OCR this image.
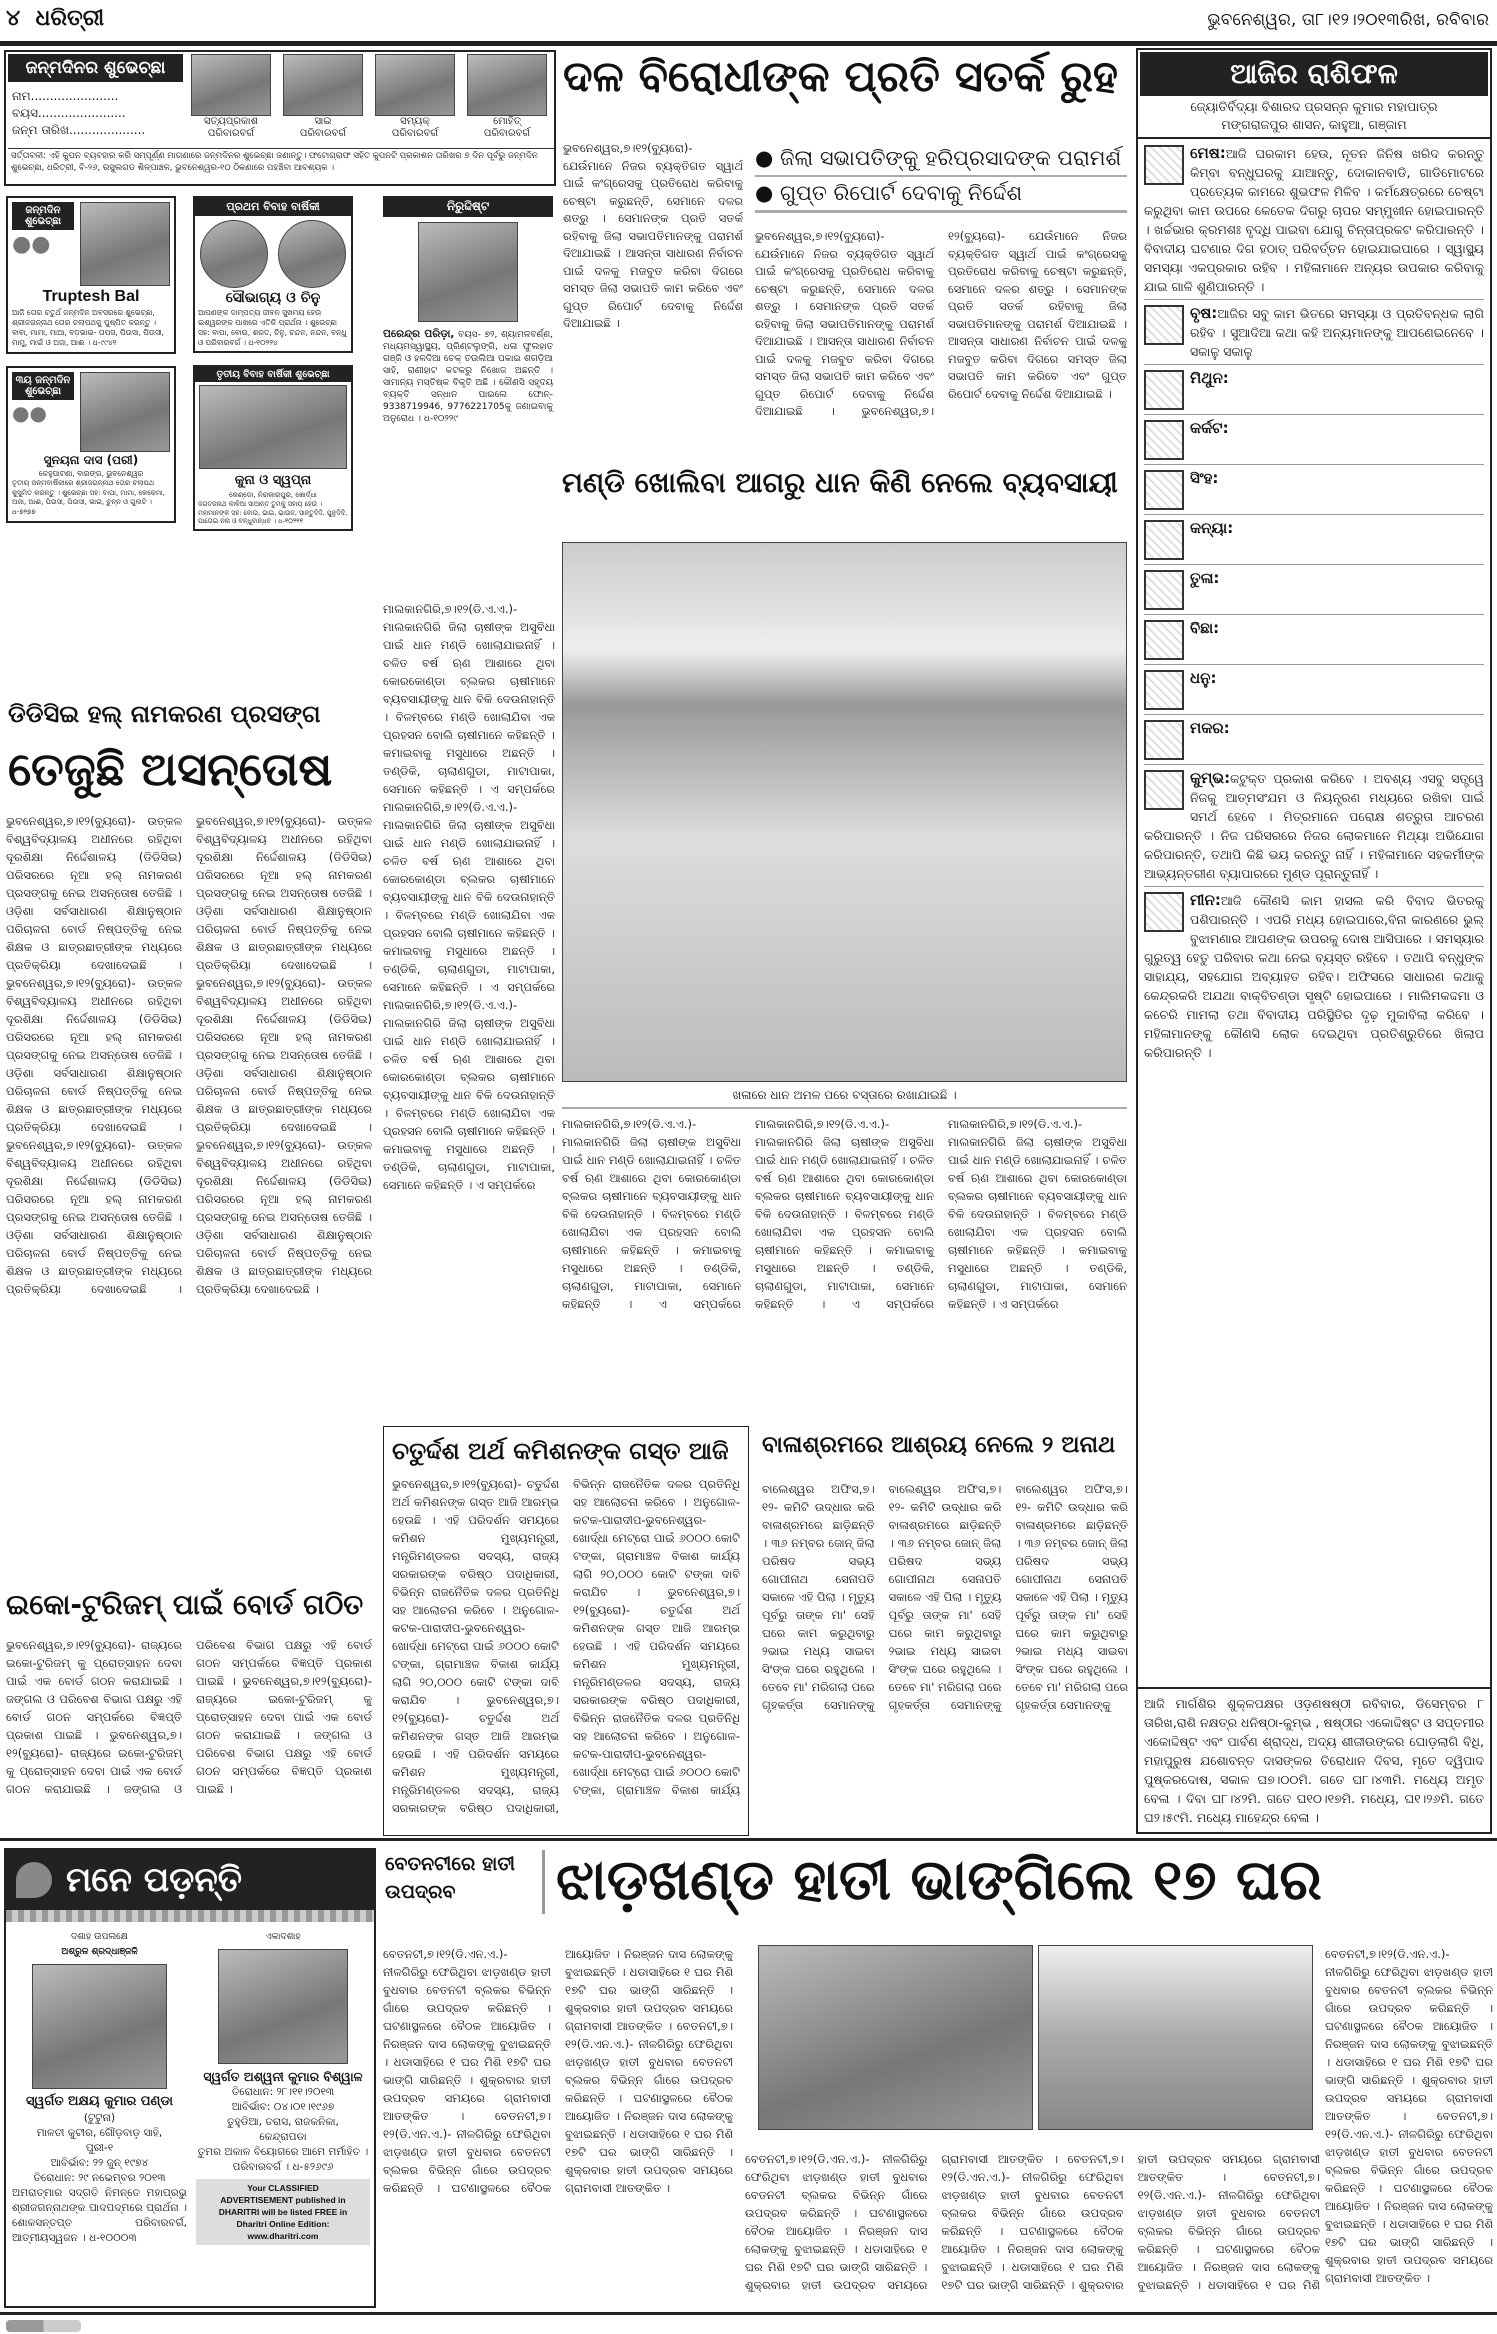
୪ ଧରିତ୍ରୀ	ଭୁବନେଶ୍ୱର, ତା୮।୧୨।୨୦୧୩ରିଖ, ରବିବାର
ଜନ୍ମଦିନର ଶୁଭେଚ୍ଛା
ନାମ.......................
ବୟସ.......................
ଜନ୍ମ ତାରିଖ....................
ସତ୍ୟପ୍ରକାଶ
ପରିବାରବର୍ଗ
ସାଇ
ପରିବାରବର୍ଗ
ସମ୍ୟକ୍
ପରିବାରବର୍ଗ
ମୋହିତ୍
ପରିବାରବର୍ଗ
ସର୍ତ୍ତାବଳୀ: ଏହି କୁପନ ବ୍ୟବହାର କରି ସମ୍ପୂର୍ଣ୍ଣ ମାଗଣାରେ ଜନ୍ମଦିନର ଶୁଭେଚ୍ଛା ଜଣାନ୍ତୁ। ଫଟୋଗ୍ରାଫ ସହିତ କୁପନଟି ପ୍ରକାଶନ ତାରିଖର ୭ ଦିନ ପୂର୍ବରୁ ଜନ୍ମଦିନ ଶୁଭେଚ୍ଛା, ଧରିତ୍ରୀ, ବି-୨୬, ରସୁଲଗଡ ଶିଳ୍ପାଞ୍ଚଳ, ଭୁବନେଶ୍ୱର-୧୦ ଠିକଣାରେ ପହଞ୍ଚିବା ଆବଶ୍ୟକ ।
ଜନ୍ମଦିନ ଶୁଭେଚ୍ଛା
●●
Truptesh Bal
ଆଜି ତୋର ଚତୁର୍ଥ ଜନ୍ମଦିନ ଅବସରରେ ଶୁଭେଚ୍ଛା, ଶ୍ରୀଜଗନ୍ନାଥ ତୋର ଚଲାପଥକୁ ପୁଷ୍ପିତ କରନ୍ତୁ । ବାବା, ମାମା, ମାଆ, ବଡ଼ଭାଇ- ତାପସ, ପିଉସା, ପିଉସୀ, ମାମୁ, ମାଇଁ ଓ ଅଜା, ଆଈ । ଧ-୯୯୪୧
୩ୟ ଜନ୍ମଦିନ ଶୁଭେଚ୍ଛା
●●
ସୁନୟନା ଦାସ (ପରୀ)
କେହୁପାଟଣା, ବାରଙ୍ଗ, ଭୁବନେଶ୍ୱର
ତୃତୀୟ ଜନ୍ମବାର୍ଷିକୀରେ ଶ୍ରୀଜଗନ୍ନାଥ ତୋର ଚଲାପଥ କୁସୁମିତ କରନ୍ତୁ । ଶୁଭେଚ୍ଛା ସହ: ବାପା, ମାମା, କେକେମା, ଅଜା, ଆଈ, ପିଉସା, ପିଉସୀ, ଭାଇ, ଚୁନ୍ନ ଓ ଗୁଲଟି । ଧ-୭୨୭୭
ପ୍ରଥମ ବିବାହ ବାର୍ଷିକୀ
ସୌଭାଗ୍ୟ ଓ ଚିନୁ
ଆପଣଙ୍କ ଦାମ୍ପତ୍ୟ ଜୀବନ ସୁଖମୟ ହେଉ ଇଶ୍ୱରଙ୍କ ପାଖରେ ଏତିକି ପ୍ରାର୍ଥନା । ଶୁଭେଚ୍ଛା ସହ: ବାପା, ବୋଉ, ଶରତ, ଚିନୁ, ଚନ୍ଦନ, ନନ୍ଦନ, ବନ୍ଧୁ ଓ ପରିବାରବର୍ଗ । ଧ-୧୦୨୨୪
ତୃତୀୟ ବିବାହ ବାର୍ଷିକୀ ଶୁଭେଚ୍ଛା
କୁନା ଓ ସ୍ୱପ୍ନା
କେଣ୍ଡୋ, ନିରାକାରପୁର, ଖୋର୍ଦ୍ଧା
ଜଗତଜନାଥ କାଳିଆ ସାଆନ୍ତ ତୁମକୁ ସହାୟ ହେଉ । ମହାମାନଙ୍କ ସହ: ବୋଉ, ଭାଇ, ଭାଉଜ, ସାନ୍ତୁଦିଦି, ପୁନୁଦିଦି, ପାତୋଇ ନନା ଓ ବନ୍ଧୁବାନ୍ଧବ । ଧ-୧୦୨୧୧
ନିରୁଦ୍ଦିଷ୍ଟ
ପରେନ୍ଦ୍ର ପରିଡ଼ା, ବୟସ- ୭୨, ଶ୍ୟାମଳବର୍ଣ୍ଣ, ମଧ୍ୟମସ୍ୱାସ୍ଥ୍ୟ, ପ୍ରିଣ୍ଟଲୁଙ୍ଗି, ଧଳା ଫୁଲହାତ ଗଞ୍ଜି ଓ ହଳଦିଆ ଚେକ୍ ତଉଲିଆ ପକାଇ ଶଗଡ଼ିଆ ସାହି, ରାଣୀହାଟ କଟକରୁ ନିଖୋଜ ଅଛନ୍ତି । ସାମାନ୍ୟ ମସ୍ତିଷ୍କ ବିକୃତି ଅଛି । କୌଣସି ସହୃଦୟ ବ୍ୟକ୍ତି ସନ୍ଧାନ ପାଇଲେ ଫୋନ୍- 9338719946, 9776221705କୁ ଜଣାଇବାକୁ ଅନୁରୋଧ । ଧ-୧୦୨୨୯
ଦଳ ବିରୋଧୀଙ୍କ ପ୍ରତି ସତର୍କ ରୁହ
ଭୁବନେଶ୍ୱର,୭।୧୨(ବ୍ୟୁରୋ)- ଯେଉଁମାନେ ନିଜର ବ୍ୟକ୍ତିଗତ ସ୍ୱାର୍ଥ ପାଇଁ କଂଗ୍ରେସକୁ ପ୍ରତିରୋଧ କରିବାକୁ ଚେଷ୍ଟା କରୁଛନ୍ତି, ସେମାନେ ଦଳର ଶତ୍ରୁ । ସେମାନଙ୍କ ପ୍ରତି ସତର୍କ ରହିବାକୁ ଜିଲା ସଭାପତିମାନଙ୍କୁ ପରାମର୍ଶ ଦିଆଯାଇଛି । ଆସନ୍ତା ସାଧାରଣ ନିର୍ବାଚନ ପାଇଁ ଦଳକୁ ମଜବୁତ କରିବା ଦିଗରେ ସମସ୍ତ ଜିଲା ସଭାପତି କାମ କରିବେ ଏବଂ ଗୁପ୍ତ ରିପୋର୍ଟ ଦେବାକୁ ନିର୍ଦ୍ଦେଶ ଦିଆଯାଇଛି ।
● ଜିଲା ସଭାପତିଙ୍କୁ ହରିପ୍ରସାଦଙ୍କ ପରାମର୍ଶ
● ଗୁପ୍ତ ରିପୋର୍ଟ ଦେବାକୁ ନିର୍ଦ୍ଦେଶ
ଭୁବନେଶ୍ୱର,୭।୧୨(ବ୍ୟୁରୋ)- ଯେଉଁମାନେ ନିଜର ବ୍ୟକ୍ତିଗତ ସ୍ୱାର୍ଥ ପାଇଁ କଂଗ୍ରେସକୁ ପ୍ରତିରୋଧ କରିବାକୁ ଚେଷ୍ଟା କରୁଛନ୍ତି, ସେମାନେ ଦଳର ଶତ୍ରୁ । ସେମାନଙ୍କ ପ୍ରତି ସତର୍କ ରହିବାକୁ ଜିଲା ସଭାପତିମାନଙ୍କୁ ପରାମର୍ଶ ଦିଆଯାଇଛି । ଆସନ୍ତା ସାଧାରଣ ନିର୍ବାଚନ ପାଇଁ ଦଳକୁ ମଜବୁତ କରିବା ଦିଗରେ ସମସ୍ତ ଜିଲା ସଭାପତି କାମ କରିବେ ଏବଂ ଗୁପ୍ତ ରିପୋର୍ଟ ଦେବାକୁ ନିର୍ଦ୍ଦେଶ ଦିଆଯାଇଛି । ଭୁବନେଶ୍ୱର,୭।୧୨(ବ୍ୟୁରୋ)- ଯେଉଁମାନେ ନିଜର ବ୍ୟକ୍ତିଗତ ସ୍ୱାର୍ଥ ପାଇଁ କଂଗ୍ରେସକୁ ପ୍ରତିରୋଧ କରିବାକୁ ଚେଷ୍ଟା କରୁଛନ୍ତି, ସେମାନେ ଦଳର ଶତ୍ରୁ । ସେମାନଙ୍କ ପ୍ରତି ସତର୍କ ରହିବାକୁ ଜିଲା ସଭାପତିମାନଙ୍କୁ ପରାମର୍ଶ ଦିଆଯାଇଛି । ଆସନ୍ତା ସାଧାରଣ ନିର୍ବାଚନ ପାଇଁ ଦଳକୁ ମଜବୁତ କରିବା ଦିଗରେ ସମସ୍ତ ଜିଲା ସଭାପତି କାମ କରିବେ ଏବଂ ଗୁପ୍ତ ରିପୋର୍ଟ ଦେବାକୁ ନିର୍ଦ୍ଦେଶ ଦିଆଯାଇଛି ।
ମଣ୍ଡି ଖୋଲିବା ଆଗରୁ ଧାନ କିଣି ନେଲେ ବ୍ୟବସାୟୀ
ମାଲକାନଗିରି,୭।୧୨(ଡି.ଏ.ଏ.)- ମାଲକାନଗିରି ଜିଲା ଚାଷୀଙ୍କ ଅସୁବିଧା ପାଇଁ ଧାନ ମଣ୍ଡି ଖୋଲାଯାଇନାହିଁ । ଚଳିତ ବର୍ଷ ଋଣ ଆଶାରେ ଥିବା କୋରକୋଣ୍ଡା ବ୍ଲକର ଚାଷୀମାନେ ବ୍ୟବସାୟୀଙ୍କୁ ଧାନ ବିକି ଦେଉନାହାନ୍ତି । ବିଳମ୍ବରେ ମଣ୍ଡି ଖୋଲାଯିବା ଏକ ପ୍ରହସନ ବୋଲି ଚାଷୀମାନେ କହିଛନ୍ତି । କମାଇବାକୁ ମସୁଧାରେ ଅଛନ୍ତି । ତଣ୍ଡିକି, ଚାଲାଣଗୁଡା, ମାଟାପାକା, ସେମାନେ କହିଛନ୍ତି । ଏ ସମ୍ପର୍କରେ ମାଲକାନଗିରି,୭।୧୨(ଡି.ଏ.ଏ.)- ମାଲକାନଗିରି ଜିଲା ଚାଷୀଙ୍କ ଅସୁବିଧା ପାଇଁ ଧାନ ମଣ୍ଡି ଖୋଲାଯାଇନାହିଁ । ଚଳିତ ବର୍ଷ ଋଣ ଆଶାରେ ଥିବା କୋରକୋଣ୍ଡା ବ୍ଲକର ଚାଷୀମାନେ ବ୍ୟବସାୟୀଙ୍କୁ ଧାନ ବିକି ଦେଉନାହାନ୍ତି । ବିଳମ୍ବରେ ମଣ୍ଡି ଖୋଲାଯିବା ଏକ ପ୍ରହସନ ବୋଲି ଚାଷୀମାନେ କହିଛନ୍ତି । କମାଇବାକୁ ମସୁଧାରେ ଅଛନ୍ତି । ତଣ୍ଡିକି, ଚାଲାଣଗୁଡା, ମାଟାପାକା, ସେମାନେ କହିଛନ୍ତି । ଏ ସମ୍ପର୍କରେ ମାଲକାନଗିରି,୭।୧୨(ଡି.ଏ.ଏ.)- ମାଲକାନଗିରି ଜିଲା ଚାଷୀଙ୍କ ଅସୁବିଧା ପାଇଁ ଧାନ ମଣ୍ଡି ଖୋଲାଯାଇନାହିଁ । ଚଳିତ ବର୍ଷ ଋଣ ଆଶାରେ ଥିବା କୋରକୋଣ୍ଡା ବ୍ଲକର ଚାଷୀମାନେ ବ୍ୟବସାୟୀଙ୍କୁ ଧାନ ବିକି ଦେଉନାହାନ୍ତି । ବିଳମ୍ବରେ ମଣ୍ଡି ଖୋଲାଯିବା ଏକ ପ୍ରହସନ ବୋଲି ଚାଷୀମାନେ କହିଛନ୍ତି । କମାଇବାକୁ ମସୁଧାରେ ଅଛନ୍ତି । ତଣ୍ଡିକି, ଚାଲାଣଗୁଡା, ମାଟାପାକା, ସେମାନେ କହିଛନ୍ତି । ଏ ସମ୍ପର୍କରେ
ଖଳାରେ ଧାନ ଅମଳ ପରେ ବସ୍ତାରେ ରଖାଯାଇଛି ।
ମାଲକାନଗିରି,୭।୧୨(ଡି.ଏ.ଏ.)- ମାଲକାନଗିରି ଜିଲା ଚାଷୀଙ୍କ ଅସୁବିଧା ପାଇଁ ଧାନ ମଣ୍ଡି ଖୋଲାଯାଇନାହିଁ । ଚଳିତ ବର୍ଷ ଋଣ ଆଶାରେ ଥିବା କୋରକୋଣ୍ଡା ବ୍ଲକର ଚାଷୀମାନେ ବ୍ୟବସାୟୀଙ୍କୁ ଧାନ ବିକି ଦେଉନାହାନ୍ତି । ବିଳମ୍ବରେ ମଣ୍ଡି ଖୋଲାଯିବା ଏକ ପ୍ରହସନ ବୋଲି ଚାଷୀମାନେ କହିଛନ୍ତି । କମାଇବାକୁ ମସୁଧାରେ ଅଛନ୍ତି । ତଣ୍ଡିକି, ଚାଲାଣଗୁଡା, ମାଟାପାକା, ସେମାନେ କହିଛନ୍ତି । ଏ ସମ୍ପର୍କରେ ମାଲକାନଗିରି,୭।୧୨(ଡି.ଏ.ଏ.)- ମାଲକାନଗିରି ଜିଲା ଚାଷୀଙ୍କ ଅସୁବିଧା ପାଇଁ ଧାନ ମଣ୍ଡି ଖୋଲାଯାଇନାହିଁ । ଚଳିତ ବର୍ଷ ଋଣ ଆଶାରେ ଥିବା କୋରକୋଣ୍ଡା ବ୍ଲକର ଚାଷୀମାନେ ବ୍ୟବସାୟୀଙ୍କୁ ଧାନ ବିକି ଦେଉନାହାନ୍ତି । ବିଳମ୍ବରେ ମଣ୍ଡି ଖୋଲାଯିବା ଏକ ପ୍ରହସନ ବୋଲି ଚାଷୀମାନେ କହିଛନ୍ତି । କମାଇବାକୁ ମସୁଧାରେ ଅଛନ୍ତି । ତଣ୍ଡିକି, ଚାଲାଣଗୁଡା, ମାଟାପାକା, ସେମାନେ କହିଛନ୍ତି । ଏ ସମ୍ପର୍କରେ ମାଲକାନଗିରି,୭।୧୨(ଡି.ଏ.ଏ.)- ମାଲକାନଗିରି ଜିଲା ଚାଷୀଙ୍କ ଅସୁବିଧା ପାଇଁ ଧାନ ମଣ୍ଡି ଖୋଲାଯାଇନାହିଁ । ଚଳିତ ବର୍ଷ ଋଣ ଆଶାରେ ଥିବା କୋରକୋଣ୍ଡା ବ୍ଲକର ଚାଷୀମାନେ ବ୍ୟବସାୟୀଙ୍କୁ ଧାନ ବିକି ଦେଉନାହାନ୍ତି । ବିଳମ୍ବରେ ମଣ୍ଡି ଖୋଲାଯିବା ଏକ ପ୍ରହସନ ବୋଲି ଚାଷୀମାନେ କହିଛନ୍ତି । କମାଇବାକୁ ମସୁଧାରେ ଅଛନ୍ତି । ତଣ୍ଡିକି, ଚାଲାଣଗୁଡା, ମାଟାପାକା, ସେମାନେ କହିଛନ୍ତି । ଏ ସମ୍ପର୍କରେ
ଡିଡିସିଇ ହଲ୍ ନାମକରଣ ପ୍ରସଙ୍ଗ
ତେଜୁଛି ଅସନ୍ତୋଷ
ଭୁବନେଶ୍ୱର,୭।୧୨(ବ୍ୟୁରୋ)- ଉତ୍କଳ ବିଶ୍ୱବିଦ୍ୟାଳୟ ଅଧୀନରେ ରହିଥିବା ଦୂରଶିକ୍ଷା ନିର୍ଦ୍ଦେଶାଳୟ (ଡିଡିସିଇ) ପରିସରରେ ନୂଆ ହଲ୍ ନାମକରଣ ପ୍ରସଙ୍ଗକୁ ନେଇ ଅସନ୍ତୋଷ ତେଜିଛି । ଓଡ଼ିଶା ସର୍ବସାଧାରଣ ଶିକ୍ଷାନୁଷ୍ଠାନ ପରିଚାଳନା ବୋର୍ଡ ନିଷ୍ପତ୍ତିକୁ ନେଇ ଶିକ୍ଷକ ଓ ଛାତ୍ରଛାତ୍ରୀଙ୍କ ମଧ୍ୟରେ ପ୍ରତିକ୍ରିୟା ଦେଖାଦେଇଛି । ଭୁବନେଶ୍ୱର,୭।୧୨(ବ୍ୟୁରୋ)- ଉତ୍କଳ ବିଶ୍ୱବିଦ୍ୟାଳୟ ଅଧୀନରେ ରହିଥିବା ଦୂରଶିକ୍ଷା ନିର୍ଦ୍ଦେଶାଳୟ (ଡିଡିସିଇ) ପରିସରରେ ନୂଆ ହଲ୍ ନାମକରଣ ପ୍ରସଙ୍ଗକୁ ନେଇ ଅସନ୍ତୋଷ ତେଜିଛି । ଓଡ଼ିଶା ସର୍ବସାଧାରଣ ଶିକ୍ଷାନୁଷ୍ଠାନ ପରିଚାଳନା ବୋର୍ଡ ନିଷ୍ପତ୍ତିକୁ ନେଇ ଶିକ୍ଷକ ଓ ଛାତ୍ରଛାତ୍ରୀଙ୍କ ମଧ୍ୟରେ ପ୍ରତିକ୍ରିୟା ଦେଖାଦେଇଛି । ଭୁବନେଶ୍ୱର,୭।୧୨(ବ୍ୟୁରୋ)- ଉତ୍କଳ ବିଶ୍ୱବିଦ୍ୟାଳୟ ଅଧୀନରେ ରହିଥିବା ଦୂରଶିକ୍ଷା ନିର୍ଦ୍ଦେଶାଳୟ (ଡିଡିସିଇ) ପରିସରରେ ନୂଆ ହଲ୍ ନାମକରଣ ପ୍ରସଙ୍ଗକୁ ନେଇ ଅସନ୍ତୋଷ ତେଜିଛି । ଓଡ଼ିଶା ସର୍ବସାଧାରଣ ଶିକ୍ଷାନୁଷ୍ଠାନ ପରିଚାଳନା ବୋର୍ଡ ନିଷ୍ପତ୍ତିକୁ ନେଇ ଶିକ୍ଷକ ଓ ଛାତ୍ରଛାତ୍ରୀଙ୍କ ମଧ୍ୟରେ ପ୍ରତିକ୍ରିୟା ଦେଖାଦେଇଛି । ଭୁବନେଶ୍ୱର,୭।୧୨(ବ୍ୟୁରୋ)- ଉତ୍କଳ ବିଶ୍ୱବିଦ୍ୟାଳୟ ଅଧୀନରେ ରହିଥିବା ଦୂରଶିକ୍ଷା ନିର୍ଦ୍ଦେଶାଳୟ (ଡିଡିସିଇ) ପରିସରରେ ନୂଆ ହଲ୍ ନାମକରଣ ପ୍ରସଙ୍ଗକୁ ନେଇ ଅସନ୍ତୋଷ ତେଜିଛି । ଓଡ଼ିଶା ସର୍ବସାଧାରଣ ଶିକ୍ଷାନୁଷ୍ଠାନ ପରିଚାଳନା ବୋର୍ଡ ନିଷ୍ପତ୍ତିକୁ ନେଇ ଶିକ୍ଷକ ଓ ଛାତ୍ରଛାତ୍ରୀଙ୍କ ମଧ୍ୟରେ ପ୍ରତିକ୍ରିୟା ଦେଖାଦେଇଛି । ଭୁବନେଶ୍ୱର,୭।୧୨(ବ୍ୟୁରୋ)- ଉତ୍କଳ ବିଶ୍ୱବିଦ୍ୟାଳୟ ଅଧୀନରେ ରହିଥିବା ଦୂରଶିକ୍ଷା ନିର୍ଦ୍ଦେଶାଳୟ (ଡିଡିସିଇ) ପରିସରରେ ନୂଆ ହଲ୍ ନାମକରଣ ପ୍ରସଙ୍ଗକୁ ନେଇ ଅସନ୍ତୋଷ ତେଜିଛି । ଓଡ଼ିଶା ସର୍ବସାଧାରଣ ଶିକ୍ଷାନୁଷ୍ଠାନ ପରିଚାଳନା ବୋର୍ଡ ନିଷ୍ପତ୍ତିକୁ ନେଇ ଶିକ୍ଷକ ଓ ଛାତ୍ରଛାତ୍ରୀଙ୍କ ମଧ୍ୟରେ ପ୍ରତିକ୍ରିୟା ଦେଖାଦେଇଛି । ଭୁବନେଶ୍ୱର,୭।୧୨(ବ୍ୟୁରୋ)- ଉତ୍କଳ ବିଶ୍ୱବିଦ୍ୟାଳୟ ଅଧୀନରେ ରହିଥିବା ଦୂରଶିକ୍ଷା ନିର୍ଦ୍ଦେଶାଳୟ (ଡିଡିସିଇ) ପରିସରରେ ନୂଆ ହଲ୍ ନାମକରଣ ପ୍ରସଙ୍ଗକୁ ନେଇ ଅସନ୍ତୋଷ ତେଜିଛି । ଓଡ଼ିଶା ସର୍ବସାଧାରଣ ଶିକ୍ଷାନୁଷ୍ଠାନ ପରିଚାଳନା ବୋର୍ଡ ନିଷ୍ପତ୍ତିକୁ ନେଇ ଶିକ୍ଷକ ଓ ଛାତ୍ରଛାତ୍ରୀଙ୍କ ମଧ୍ୟରେ ପ୍ରତିକ୍ରିୟା ଦେଖାଦେଇଛି ।
ଇକୋ-ଟୁରିଜମ୍ ପାଇଁ ବୋର୍ଡ ଗଠିତ
ଭୁବନେଶ୍ୱର,୭।୧୨(ବ୍ୟୁରୋ)- ରାଜ୍ୟରେ ଇକୋ-ଟୁରିଜମ୍ କୁ ପ୍ରୋତ୍ସାହନ ଦେବା ପାଇଁ ଏକ ବୋର୍ଡ ଗଠନ କରାଯାଇଛି । ଜଙ୍ଗଲ ଓ ପରିବେଶ ବିଭାଗ ପକ୍ଷରୁ ଏହି ବୋର୍ଡ ଗଠନ ସମ୍ପର୍କରେ ବିଜ୍ଞପ୍ତି ପ୍ରକାଶ ପାଇଛି । ଭୁବନେଶ୍ୱର,୭।୧୨(ବ୍ୟୁରୋ)- ରାଜ୍ୟରେ ଇକୋ-ଟୁରିଜମ୍ କୁ ପ୍ରୋତ୍ସାହନ ଦେବା ପାଇଁ ଏକ ବୋର୍ଡ ଗଠନ କରାଯାଇଛି । ଜଙ୍ଗଲ ଓ ପରିବେଶ ବିଭାଗ ପକ୍ଷରୁ ଏହି ବୋର୍ଡ ଗଠନ ସମ୍ପର୍କରେ ବିଜ୍ଞପ୍ତି ପ୍ରକାଶ ପାଇଛି । ଭୁବନେଶ୍ୱର,୭।୧୨(ବ୍ୟୁରୋ)- ରାଜ୍ୟରେ ଇକୋ-ଟୁରିଜମ୍ କୁ ପ୍ରୋତ୍ସାହନ ଦେବା ପାଇଁ ଏକ ବୋର୍ଡ ଗଠନ କରାଯାଇଛି । ଜଙ୍ଗଲ ଓ ପରିବେଶ ବିଭାଗ ପକ୍ଷରୁ ଏହି ବୋର୍ଡ ଗଠନ ସମ୍ପର୍କରେ ବିଜ୍ଞପ୍ତି ପ୍ରକାଶ ପାଇଛି ।
ଚତୁର୍ଦ୍ଦଶ ଅର୍ଥ କମିଶନଙ୍କ ଗସ୍ତ ଆଜି
ଭୁବନେଶ୍ୱର,୭।୧୨(ବ୍ୟୁରୋ)- ଚତୁର୍ଦ୍ଦଶ ଅର୍ଥ କମିଶନଙ୍କ ଗସ୍ତ ଆଜି ଆରମ୍ଭ ହେଉଛି । ଏହି ପରିଦର୍ଶନ ସମୟରେ କମିଶନ ମୁଖ୍ୟମନ୍ତ୍ରୀ, ମନ୍ତ୍ରିମଣ୍ଡଳର ସଦସ୍ୟ, ରାଜ୍ୟ ସରକାରଙ୍କ ବରିଷ୍ଠ ପଦାଧିକାରୀ, ବିଭିନ୍ନ ରାଜନୈତିକ ଦଳର ପ୍ରତିନିଧି ସହ ଆଲୋଚନା କରିବେ । ଅନୁଗୋଳ-କଟକ-ପାରାଦୀପ-ଭୁବନେଶ୍ୱର-ଖୋର୍ଦ୍ଧା ମେଟ୍ରୋ ପାଇଁ ୬୦୦୦ କୋଟି ଟଙ୍କା, ଗ୍ରାମାଞ୍ଚଳ ବିକାଶ କାର୍ଯ୍ୟ ଲାଗି ୨୦,୦୦୦ କୋଟି ଟଙ୍କା ଦାବି କରାଯିବ । ଭୁବନେଶ୍ୱର,୭।୧୨(ବ୍ୟୁରୋ)- ଚତୁର୍ଦ୍ଦଶ ଅର୍ଥ କମିଶନଙ୍କ ଗସ୍ତ ଆଜି ଆରମ୍ଭ ହେଉଛି । ଏହି ପରିଦର୍ଶନ ସମୟରେ କମିଶନ ମୁଖ୍ୟମନ୍ତ୍ରୀ, ମନ୍ତ୍ରିମଣ୍ଡଳର ସଦସ୍ୟ, ରାଜ୍ୟ ସରକାରଙ୍କ ବରିଷ୍ଠ ପଦାଧିକାରୀ, ବିଭିନ୍ନ ରାଜନୈତିକ ଦଳର ପ୍ରତିନିଧି ସହ ଆଲୋଚନା କରିବେ । ଅନୁଗୋଳ-କଟକ-ପାରାଦୀପ-ଭୁବନେଶ୍ୱର-ଖୋର୍ଦ୍ଧା ମେଟ୍ରୋ ପାଇଁ ୬୦୦୦ କୋଟି ଟଙ୍କା, ଗ୍ରାମାଞ୍ଚଳ ବିକାଶ କାର୍ଯ୍ୟ ଲାଗି ୨୦,୦୦୦ କୋଟି ଟଙ୍କା ଦାବି କରାଯିବ । ଭୁବନେଶ୍ୱର,୭।୧୨(ବ୍ୟୁରୋ)- ଚତୁର୍ଦ୍ଦଶ ଅର୍ଥ କମିଶନଙ୍କ ଗସ୍ତ ଆଜି ଆରମ୍ଭ ହେଉଛି । ଏହି ପରିଦର୍ଶନ ସମୟରେ କମିଶନ ମୁଖ୍ୟମନ୍ତ୍ରୀ, ମନ୍ତ୍ରିମଣ୍ଡଳର ସଦସ୍ୟ, ରାଜ୍ୟ ସରକାରଙ୍କ ବରିଷ୍ଠ ପଦାଧିକାରୀ, ବିଭିନ୍ନ ରାଜନୈତିକ ଦଳର ପ୍ରତିନିଧି ସହ ଆଲୋଚନା କରିବେ । ଅନୁଗୋଳ-କଟକ-ପାରାଦୀପ-ଭୁବନେଶ୍ୱର-ଖୋର୍ଦ୍ଧା ମେଟ୍ରୋ ପାଇଁ ୬୦୦୦ କୋଟି ଟଙ୍କା, ଗ୍ରାମାଞ୍ଚଳ ବିକାଶ କାର୍ଯ୍ୟ
ବାଳାଶ୍ରମରେ ଆଶ୍ରୟ ନେଲେ ୨ ଅନାଥ
ବାଲେଶ୍ୱର ଅଫିସ,୭।୧୨- କମିଟି ଉଦ୍ଧାର କରି ବାଳାଶ୍ରମରେ ଛାଡ଼ିଛନ୍ତି । ୩୬ ନମ୍ବର ଜୋନ୍ ଜିଲା ପରିଷଦ ସଭ୍ୟ ଗୋପୀନାଥ ସେନାପତି ସକାଳେ ଏହି ପିଲା । ମୃତ୍ୟୁ ପୂର୍ବରୁ ତାଙ୍କ ମା' ସେହି ଘରେ କାମ କରୁଥିବାରୁ ୨ଭାଇ ମଧ୍ୟ ସାଇବା ସିଂଙ୍କ ଘରେ ରହୁଥିଲେ । ତେବେ ମା' ମରିଗଲା ପରେ ଗୃହକର୍ତ୍ତା ସେମାନଙ୍କୁ ବାଲେଶ୍ୱର ଅଫିସ,୭।୧୨- କମିଟି ଉଦ୍ଧାର କରି ବାଳାଶ୍ରମରେ ଛାଡ଼ିଛନ୍ତି । ୩୬ ନମ୍ବର ଜୋନ୍ ଜିଲା ପରିଷଦ ସଭ୍ୟ ଗୋପୀନାଥ ସେନାପତି ସକାଳେ ଏହି ପିଲା । ମୃତ୍ୟୁ ପୂର୍ବରୁ ତାଙ୍କ ମା' ସେହି ଘରେ କାମ କରୁଥିବାରୁ ୨ଭାଇ ମଧ୍ୟ ସାଇବା ସିଂଙ୍କ ଘରେ ରହୁଥିଲେ । ତେବେ ମା' ମରିଗଲା ପରେ ଗୃହକର୍ତ୍ତା ସେମାନଙ୍କୁ ବାଲେଶ୍ୱର ଅଫିସ,୭।୧୨- କମିଟି ଉଦ୍ଧାର କରି ବାଳାଶ୍ରମରେ ଛାଡ଼ିଛନ୍ତି । ୩୬ ନମ୍ବର ଜୋନ୍ ଜିଲା ପରିଷଦ ସଭ୍ୟ ଗୋପୀନାଥ ସେନାପତି ସକାଳେ ଏହି ପିଲା । ମୃତ୍ୟୁ ପୂର୍ବରୁ ତାଙ୍କ ମା' ସେହି ଘରେ କାମ କରୁଥିବାରୁ ୨ଭାଇ ମଧ୍ୟ ସାଇବା ସିଂଙ୍କ ଘରେ ରହୁଥିଲେ । ତେବେ ମା' ମରିଗଲା ପରେ ଗୃହକର୍ତ୍ତା ସେମାନଙ୍କୁ
ଆଜିର ରାଶିଫଳ
ଜ୍ୟୋତିର୍ବିଦ୍ୟା ବିଶାରଦ ପ୍ରସନ୍ନ କୁମାର ମହାପାତ୍ର
ମଙ୍ଗରାଜପୁର ଶାସନ, କାହୁଆ, ଗଞ୍ଜାମ
ମେଷ:ଆଜି ଘରକାମ ହେଉ, ନୂତନ ଜିନିଷ ଖରିଦ କରନ୍ତୁ କିମ୍ବା ବନ୍ଧୁଘରକୁ ଯାଆନ୍ତୁ, ଦୋକାନବାଡି, ଗାଡିମୋଟରେ ପ୍ରତ୍ୟେକ କାମରେ ଶୁଭଫଳ ମିଳିବ । କର୍ମକ୍ଷେତ୍ରରେ ଚେଷ୍ଟା କରୁଥିବା କାମ ଉପରେ କେତେକ ଦିଗରୁ ଚାପର ସମ୍ମୁଖୀନ ହୋଇପାରନ୍ତି । ଖର୍ଚ୍ଚଭାର କ୍ରମଶଃ ବୃଦ୍ଧି ପାଇବା ଯୋଗୁ ଚିନ୍ତାପ୍ରକଟ କରିପାରନ୍ତି । ବିବାଦୀୟ ଘଟଣାର ଦିଗ ହଠାତ୍ ପରିବର୍ତ୍ତନ ହୋଇଯାଇପାରେ । ସ୍ୱାସ୍ଥ୍ୟ ସମସ୍ୟା ଏକପ୍ରକାର ରହିବ । ମହିଳାମାନେ ଅନ୍ୟର ଉପକାର କରିବାକୁ ଯାଇ ଗାଳି ଶୁଣିପାରନ୍ତି ।
ବୃଷ:ଆଜିର ସବୁ କାମ ଭିତରେ ସମସ୍ୟା ଓ ପ୍ରତିବନ୍ଧକ ଲାଗି ରହିବ । ସୁଆଦିଆ କଥା କହି ଅନ୍ୟମାନଙ୍କୁ ଆପଣେଇନେବେ । ସକାଳୁ ସକାଳୁ
ମିଥୁନ:
କର୍କଟ:
ସିଂହ:
କନ୍ୟା:
ତୁଳା:
ବିଛା:
ଧନୁ:
ମକର:
କୁମ୍ଭ:କଟୁକ୍ତ ପ୍ରକାଶ କରିବେ । ଅବଶ୍ୟ ଏସବୁ ସତ୍ତ୍ୱେ ନିଜକୁ ଆତ୍ମସଂଯମ ଓ ନିୟନ୍ତ୍ରଣ ମଧ୍ୟରେ ରଖିବା ପାଇଁ ସମର୍ଥ ହେବେ । ମିତ୍ରମାନେ ପରୋକ୍ଷ ଶତ୍ରୁତା ଆଚରଣ କରିପାରନ୍ତି । ନିଜ ପରିସରରେ ନିଜର ଲୋକମାନେ ମିଥ୍ୟା ଅଭିଯୋଗ କରିପାରନ୍ତି, ତଥାପି କିଛି ଭୟ କରନ୍ତୁ ନାହିଁ । ମହିଳାମାନେ ସହକର୍ମୀଙ୍କ ଆଭ୍ୟନ୍ତରୀଣ ବ୍ୟାପାରରେ ମୁଣ୍ଡ ପୂରାନ୍ତୁନାହିଁ ।
ମୀନ:ଆଜି କୌଣସି କାମ ହାସଲ କରି ବିବାଦ ଭିତରକୁ ପଶିପାରନ୍ତି । ଏପରି ମଧ୍ୟ ହୋଇପାରେ,ବିନା କାରଣରେ ଭୁଲ୍ ବୁଝାମଣାର ଆପଣଙ୍କ ଉପରକୁ ଦୋଷ ଆସିପାରେ । ସମସ୍ୟାର ଗୁରୁତ୍ୱ ହେତୁ ପରିବାର କଥା ନେଇ ବ୍ୟସ୍ତ ରହିବେ । ତଥାପି ବନ୍ଧୁଙ୍କ ସାହାଯ୍ୟ, ସହଯୋଗ ଅବ୍ୟାହତ ରହିବ। ଅଫିସରେ ସାଧାରଣ କଥାକୁ କେନ୍ଦ୍ରକରି ଅଯଥା ବାକ୍‌ବିତଣ୍ଡା ସୃଷ୍ଟି ହୋଇପାରେ । ମାଲିମକଦ୍ଦମା ଓ କଚେରି ମାମଲା ତଥା ବିବାଦୀୟ ପରିସ୍ଥିତିର ଦୃଢ଼ ମୁକାବିଲା କରିବେ । ମହିଳାମାନଙ୍କୁ କୌଣସି ଲୋକ ଦେଇଥିବା ପ୍ରତିଶ୍ରୁତିରେ ଖିଲାପ କରିପାରନ୍ତି ।
ଆଜି ମାର୍ଗଶିର ଶୁକ୍ଳପକ୍ଷର ଓଡ଼ଣଷଷ୍ଠୀ ରବିବାର, ଡିସେମ୍ବର ୮ ତାରିଖ,ରାଶି ନକ୍ଷତ୍ର ଧନିଷ୍ଠା-କୁମ୍ଭ , ଷଷ୍ଠୀର ଏକୋଦ୍ଦିଷ୍ଟ ଓ ସପ୍ତମୀର ଏକୋଦ୍ଦିଷ୍ଟ ଏବଂ ପାର୍ବଣ ଶ୍ରାଦ୍ଧ, ଅଦ୍ୟ ଶୀଜୀଉଙ୍କର ଘୋଡ଼ଲାଗି ବିଧି, ମହାପୁରୁଷ ଯଶୋବନ୍ତ ଦାସଙ୍କର ତିରୋଧାନ ଦିବସ, ମୃତେ ଦ୍ୱିପାଦ ପୁଷ୍କରଦୋଷ, ସକାଳ ଘ୭।୦୦ମି. ଗତେ ଘ୮।୪୩ମି. ମଧ୍ୟେ ଅମୃତ ବେଳା । ଦିବା ଘ୮।୪୨ମି. ଗତେ ଘ୧୦।୧୭ମି. ମଧ୍ୟେ, ଘ୧।୨୬ମି. ଗତେ ଘ୨।୫୯ମି. ମଧ୍ୟେ ମାହେନ୍ଦ୍ର ବେଳା ।
ମନେ ପଡ଼ନ୍ତି
ଦଶାହ ଉପଲକ୍ଷେ
ଅଶ୍ରୁଳ ଶ୍ରଦ୍ଧାଞ୍ଜଳି
ସ୍ୱର୍ଗତ ଅକ୍ଷୟ କୁମାର ପଣ୍ଡା
(ଟୁଟୁନା)
ମାଳତୀ କୁଟୀର, ଗୌଡ଼ବାଡ଼ ସାହି,
ପୁରୀ-୧
ଆବିର୍ଭାବ: ୨୨ ଜୁନ୍ ୧୯୭୪
ତିରୋଧାନ: ୨୯ ନଭେମ୍ବର ୨୦୧୩
ଅମରାତ୍ମାର ସଦ୍‌ଗତି ନିମନ୍ତେ ମହାପ୍ରଭୁ ଶ୍ରୀଜଗନ୍ନାଥଙ୍କ ପାଦପଦ୍ମରେ ପ୍ରାର୍ଥନା । ଶୋକସନ୍ତପ୍ତ ପରିବାରବର୍ଗ, ଆତ୍ମୀୟସ୍ୱଜନ । ଧ-୧୦୦୦୩
ଏକାଦଶାହ
ସ୍ୱର୍ଗତ ଅଶ୍ୱନୀ କୁମାର ବିଶ୍ୱାଳ
ତିରୋଧାନ: ୨୮।୧୧।୨୦୧୩
ଆବିର୍ଭାବ: ୦୪।୦୧।୧୯୬୭
ତୁହୁଡିଆ, ତରାସ, ରାଜକନିକା,
କେନ୍ଦ୍ରାପଡା
ତୁମର ଅକାଳ ବିୟୋଗରେ ଆମେ ମର୍ମାହିତ । ପରିବାରବର୍ଗ । ଧ-୫୨୬୯୬
Your CLASSIFIED
ADVERTISEMENT published in
DHARITRI will be listed FREE in
Dharitri Online Edition:
www.dharitri.com
ବେତନଟୀରେ ହାତୀ ଉପଦ୍ରବ	ଝାଡ଼ଖଣ୍ଡ ହାତୀ ଭାଙ୍ଗିଲେ ୧୭ ଘର
ବେତନଟୀ,୭।୧୨(ଡି.ଏନ.ଏ.)- ନୀଳଗିରିରୁ ଫେରିଥିବା ଝାଡ଼ଖଣ୍ଡ ହାତୀ ବୁଧବାର ବେତନଟୀ ବ୍ଲକର ବିଭିନ୍ନ ଗାଁରେ ଉପଦ୍ରବ କରିଛନ୍ତି । ଘଟଣାସ୍ଥଳରେ ବୈଠକ ଆୟୋଜିତ । ନିରଞ୍ଜନ ଦାସ ଲୋକଙ୍କୁ ବୁଝାଇଛନ୍ତି । ଧଡାସାହିରେ ୧ ଘର ମିଶି ୧୭ଟି ଘର ଭାଙ୍ଗି ସାରିଛନ୍ତି । ଶୁକ୍ରବାର ହାତୀ ଉପଦ୍ରବ ସମୟରେ ଗ୍ରାମବାସୀ ଆତଙ୍କିତ ।	ବେତନଟୀ,୭।୧୨(ଡି.ଏନ.ଏ.)- ନୀଳଗିରିରୁ ଫେରିଥିବା ଝାଡ଼ଖଣ୍ଡ ହାତୀ ବୁଧବାର ବେତନଟୀ ବ୍ଲକର ବିଭିନ୍ନ ଗାଁରେ ଉପଦ୍ରବ କରିଛନ୍ତି । ଘଟଣାସ୍ଥଳରେ ବୈଠକ ଆୟୋଜିତ । ନିରଞ୍ଜନ ଦାସ ଲୋକଙ୍କୁ ବୁଝାଇଛନ୍ତି । ଧଡାସାହିରେ ୧ ଘର ମିଶି ୧୭ଟି ଘର ଭାଙ୍ଗି ସାରିଛନ୍ତି । ଶୁକ୍ରବାର ହାତୀ ଉପଦ୍ରବ ସମୟରେ ଗ୍ରାମବାସୀ ଆତଙ୍କିତ । ବେତନଟୀ,୭।୧୨(ଡି.ଏନ.ଏ.)- ନୀଳଗିରିରୁ ଫେରିଥିବା ଝାଡ଼ଖଣ୍ଡ ହାତୀ ବୁଧବାର ବେତନଟୀ ବ୍ଲକର ବିଭିନ୍ନ ଗାଁରେ ଉପଦ୍ରବ କରିଛନ୍ତି । ଘଟଣାସ୍ଥଳରେ ବୈଠକ ଆୟୋଜିତ । ନିରଞ୍ଜନ ଦାସ ଲୋକଙ୍କୁ ବୁଝାଇଛନ୍ତି । ଧଡାସାହିରେ ୧ ଘର ମିଶି ୧୭ଟି ଘର ଭାଙ୍ଗି ସାରିଛନ୍ତି । ଶୁକ୍ରବାର ହାତୀ ଉପଦ୍ରବ ସମୟରେ ଗ୍ରାମବାସୀ ଆତଙ୍କିତ ।
ବେତନଟୀ,୭।୧୨(ଡି.ଏନ.ଏ.)- ନୀଳଗିରିରୁ ଫେରିଥିବା ଝାଡ଼ଖଣ୍ଡ ହାତୀ ବୁଧବାର ବେତନଟୀ ବ୍ଲକର ବିଭିନ୍ନ ଗାଁରେ ଉପଦ୍ରବ କରିଛନ୍ତି । ଘଟଣାସ୍ଥଳରେ ବୈଠକ ଆୟୋଜିତ । ନିରଞ୍ଜନ ଦାସ ଲୋକଙ୍କୁ ବୁଝାଇଛନ୍ତି । ଧଡାସାହିରେ ୧ ଘର ମିଶି ୧୭ଟି ଘର ଭାଙ୍ଗି ସାରିଛନ୍ତି । ଶୁକ୍ରବାର ହାତୀ ଉପଦ୍ରବ ସମୟରେ ଗ୍ରାମବାସୀ ଆତଙ୍କିତ । ବେତନଟୀ,୭।୧୨(ଡି.ଏନ.ଏ.)- ନୀଳଗିରିରୁ ଫେରିଥିବା ଝାଡ଼ଖଣ୍ଡ ହାତୀ ବୁଧବାର ବେତନଟୀ ବ୍ଲକର ବିଭିନ୍ନ ଗାଁରେ ଉପଦ୍ରବ କରିଛନ୍ତି । ଘଟଣାସ୍ଥଳରେ ବୈଠକ ଆୟୋଜିତ । ନିରଞ୍ଜନ ଦାସ ଲୋକଙ୍କୁ ବୁଝାଇଛନ୍ତି । ଧଡାସାହିରେ ୧ ଘର ମିଶି ୧୭ଟି ଘର ଭାଙ୍ଗି ସାରିଛନ୍ତି । ଶୁକ୍ରବାର ହାତୀ ଉପଦ୍ରବ ସମୟରେ ଗ୍ରାମବାସୀ ଆତଙ୍କିତ ।	ବେତନଟୀ,୭।୧୨(ଡି.ଏନ.ଏ.)- ନୀଳଗିରିରୁ ଫେରିଥିବା ଝାଡ଼ଖଣ୍ଡ ହାତୀ ବୁଧବାର ବେତନଟୀ ବ୍ଲକର ବିଭିନ୍ନ ଗାଁରେ ଉପଦ୍ରବ କରିଛନ୍ତି । ଘଟଣାସ୍ଥଳରେ ବୈଠକ ଆୟୋଜିତ । ନିରଞ୍ଜନ ଦାସ ଲୋକଙ୍କୁ ବୁଝାଇଛନ୍ତି । ଧଡାସାହିରେ ୧ ଘର ମିଶି
ବେତନଟୀ,୭।୧୨(ଡି.ଏନ.ଏ.)- ନୀଳଗିରିରୁ ଫେରିଥିବା ଝାଡ଼ଖଣ୍ଡ ହାତୀ ବୁଧବାର ବେତନଟୀ ବ୍ଲକର ବିଭିନ୍ନ ଗାଁରେ ଉପଦ୍ରବ କରିଛନ୍ତି । ଘଟଣାସ୍ଥଳରେ ବୈଠକ ଆୟୋଜିତ । ନିରଞ୍ଜନ ଦାସ ଲୋକଙ୍କୁ ବୁଝାଇଛନ୍ତି । ଧଡାସାହିରେ ୧ ଘର ମିଶି ୧୭ଟି ଘର ଭାଙ୍ଗି ସାରିଛନ୍ତି । ଶୁକ୍ରବାର ହାତୀ ଉପଦ୍ରବ ସମୟରେ ଗ୍ରାମବାସୀ ଆତଙ୍କିତ ।	ବେତନଟୀ,୭।୧୨(ଡି.ଏନ.ଏ.)- ନୀଳଗିରିରୁ ଫେରିଥିବା ଝାଡ଼ଖଣ୍ଡ ହାତୀ ବୁଧବାର ବେତନଟୀ ବ୍ଲକର ବିଭିନ୍ନ ଗାଁରେ ଉପଦ୍ରବ କରିଛନ୍ତି । ଘଟଣାସ୍ଥଳରେ ବୈଠକ ଆୟୋଜିତ । ନିରଞ୍ଜନ ଦାସ ଲୋକଙ୍କୁ ବୁଝାଇଛନ୍ତି । ଧଡାସାହିରେ ୧ ଘର ମିଶି ୧୭ଟି ଘର ଭାଙ୍ଗି ସାରିଛନ୍ତି । ଶୁକ୍ରବାର ହାତୀ ଉପଦ୍ରବ ସମୟରେ ଗ୍ରାମବାସୀ ଆତଙ୍କିତ ।
